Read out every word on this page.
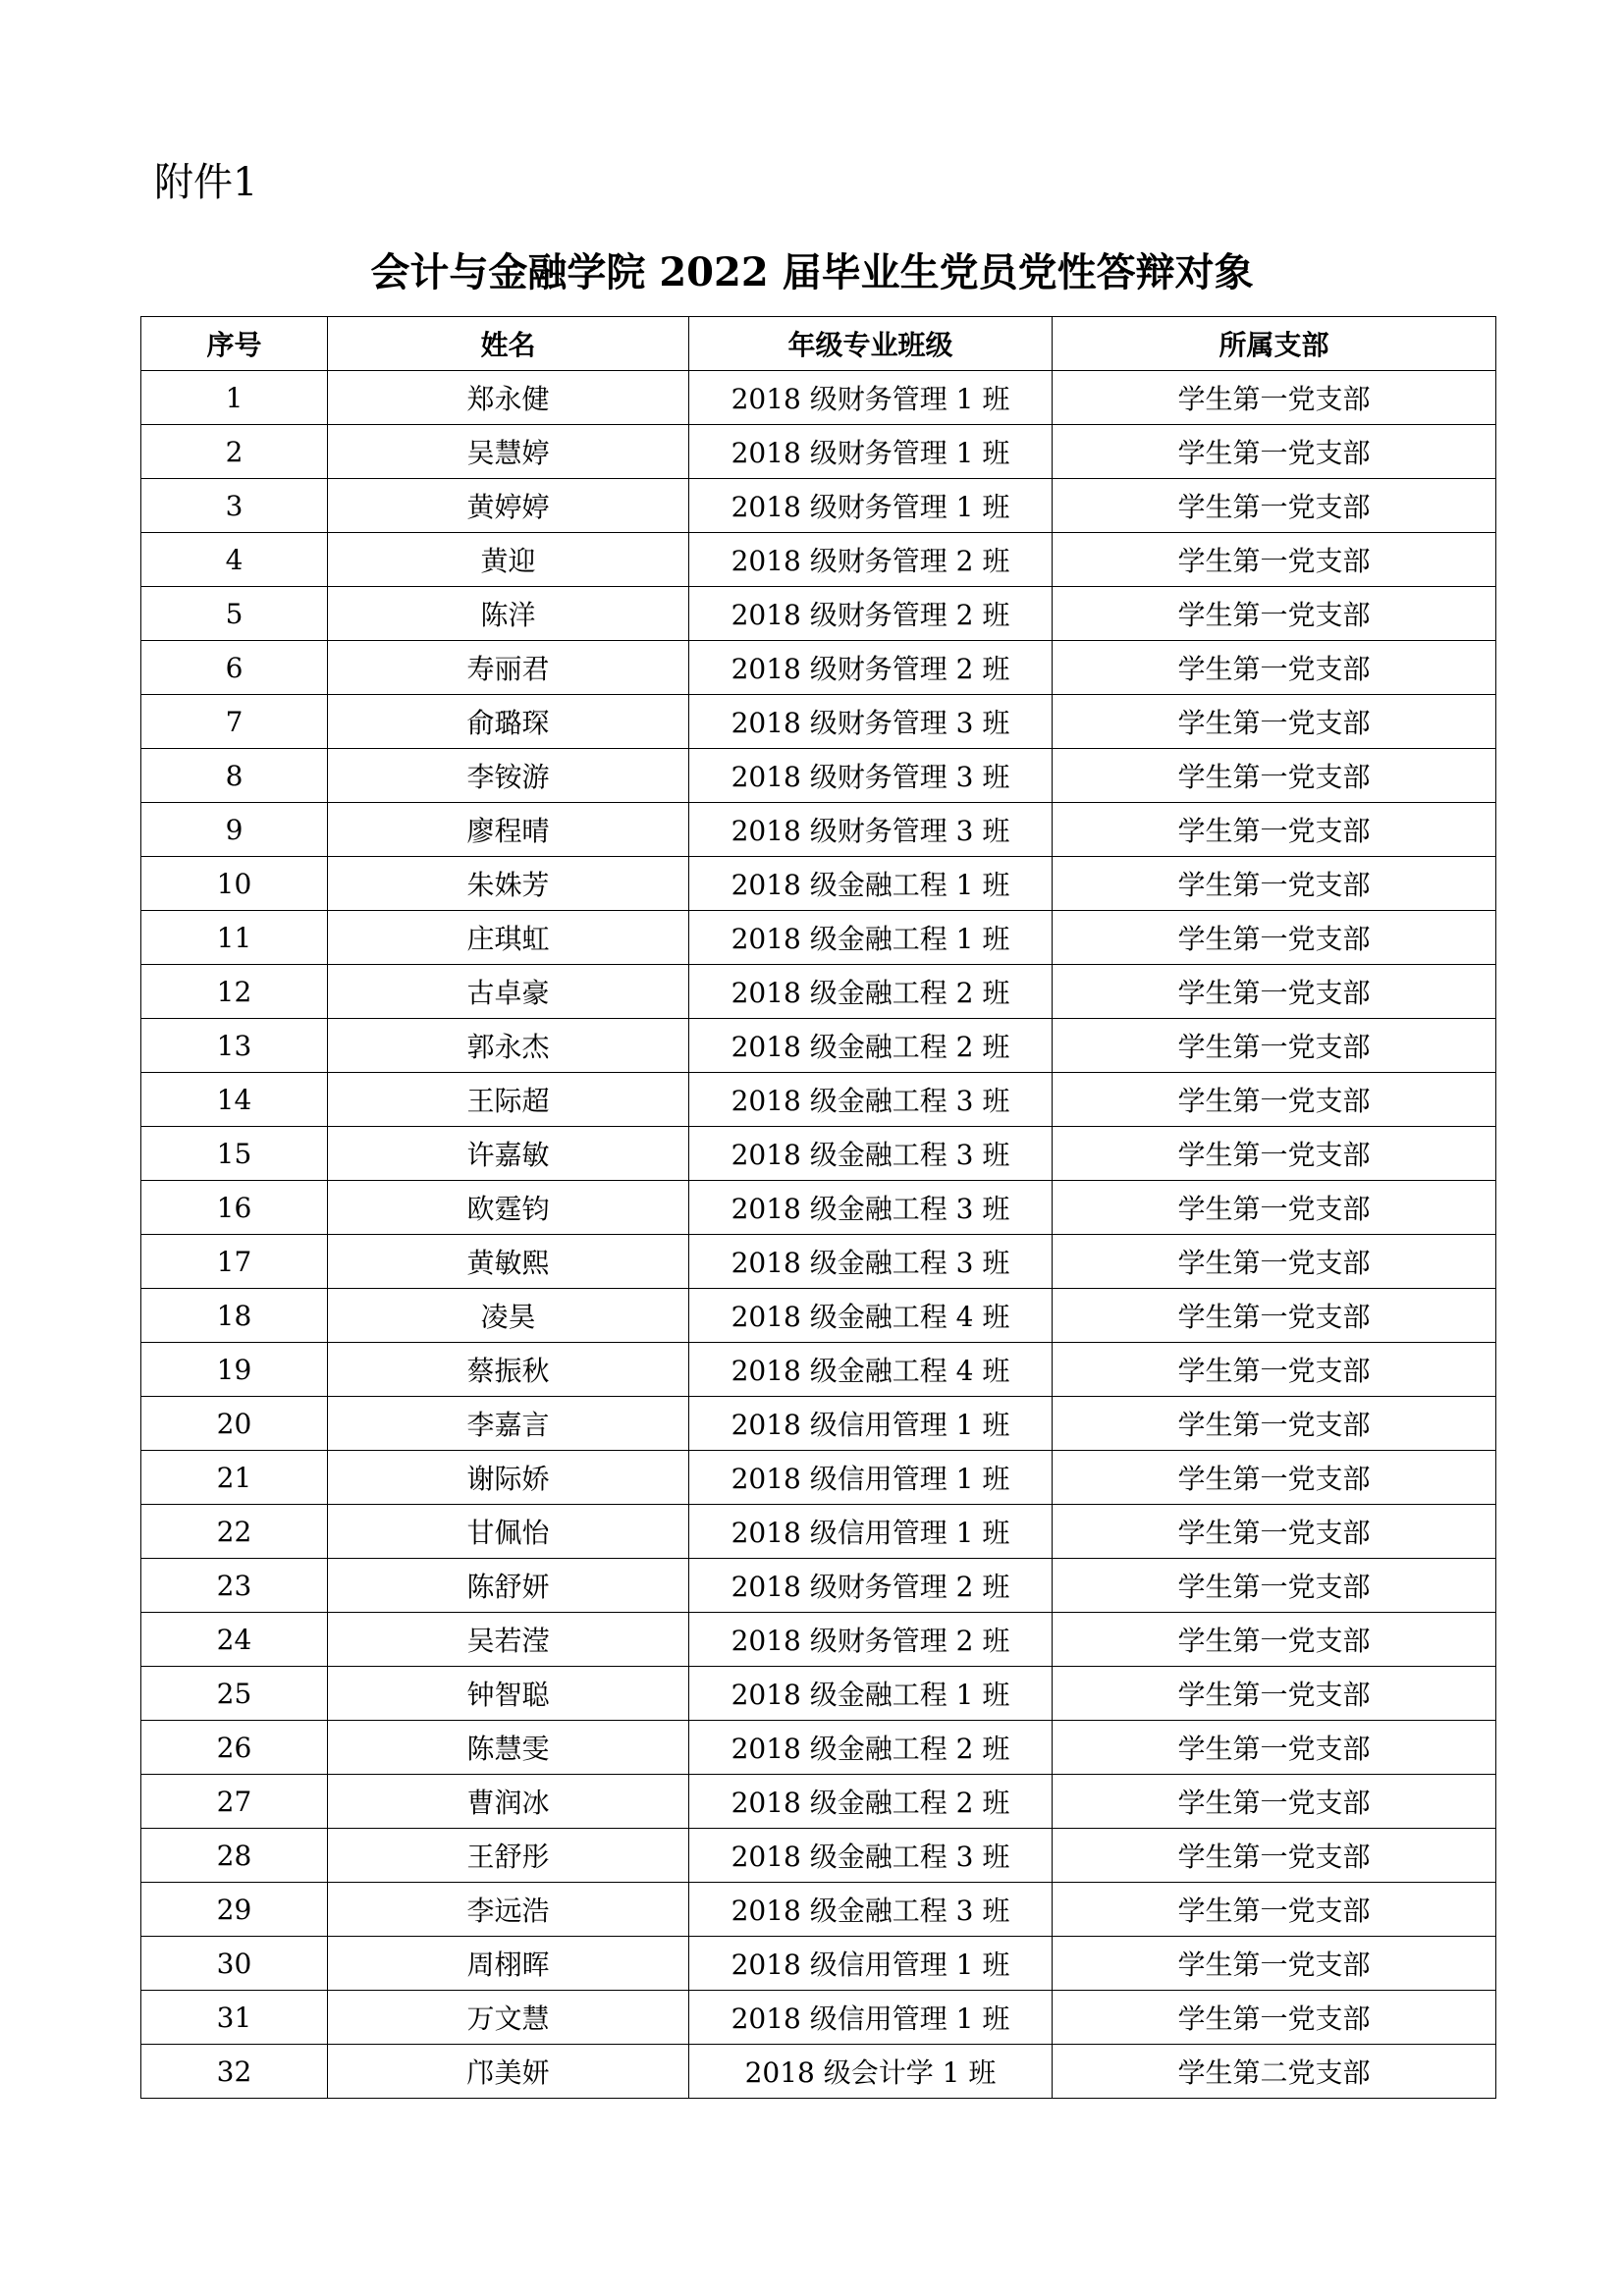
附件1
会计与金融学院 2022 届毕业生党员党性答辩对象
序号	姓名	年级专业班级	所属支部
1	郑永健	2018 级财务管理 1 班	学生第一党支部
2	吴慧婷	2018 级财务管理 1 班	学生第一党支部
3	黄婷婷	2018 级财务管理 1 班	学生第一党支部
4	黄迎	2018 级财务管理 2 班	学生第一党支部
5	陈洋	2018 级财务管理 2 班	学生第一党支部
6	寿丽君	2018 级财务管理 2 班	学生第一党支部
7	俞璐琛	2018 级财务管理 3 班	学生第一党支部
8	李铵游	2018 级财务管理 3 班	学生第一党支部
9	廖程晴	2018 级财务管理 3 班	学生第一党支部
10	朱姝芳	2018 级金融工程 1 班	学生第一党支部
11	庄琪虹	2018 级金融工程 1 班	学生第一党支部
12	古卓豪	2018 级金融工程 2 班	学生第一党支部
13	郭永杰	2018 级金融工程 2 班	学生第一党支部
14	王际超	2018 级金融工程 3 班	学生第一党支部
15	许嘉敏	2018 级金融工程 3 班	学生第一党支部
16	欧霆钧	2018 级金融工程 3 班	学生第一党支部
17	黄敏熙	2018 级金融工程 3 班	学生第一党支部
18	凌昊	2018 级金融工程 4 班	学生第一党支部
19	蔡振秋	2018 级金融工程 4 班	学生第一党支部
20	李嘉言	2018 级信用管理 1 班	学生第一党支部
21	谢际娇	2018 级信用管理 1 班	学生第一党支部
22	甘佩怡	2018 级信用管理 1 班	学生第一党支部
23	陈舒妍	2018 级财务管理 2 班	学生第一党支部
24	吴若滢	2018 级财务管理 2 班	学生第一党支部
25	钟智聪	2018 级金融工程 1 班	学生第一党支部
26	陈慧雯	2018 级金融工程 2 班	学生第一党支部
27	曹润冰	2018 级金融工程 2 班	学生第一党支部
28	王舒彤	2018 级金融工程 3 班	学生第一党支部
29	李远浩	2018 级金融工程 3 班	学生第一党支部
30	周栩晖	2018 级信用管理 1 班	学生第一党支部
31	万文慧	2018 级信用管理 1 班	学生第一党支部
32	邝美妍	2018 级会计学 1 班	学生第二党支部
